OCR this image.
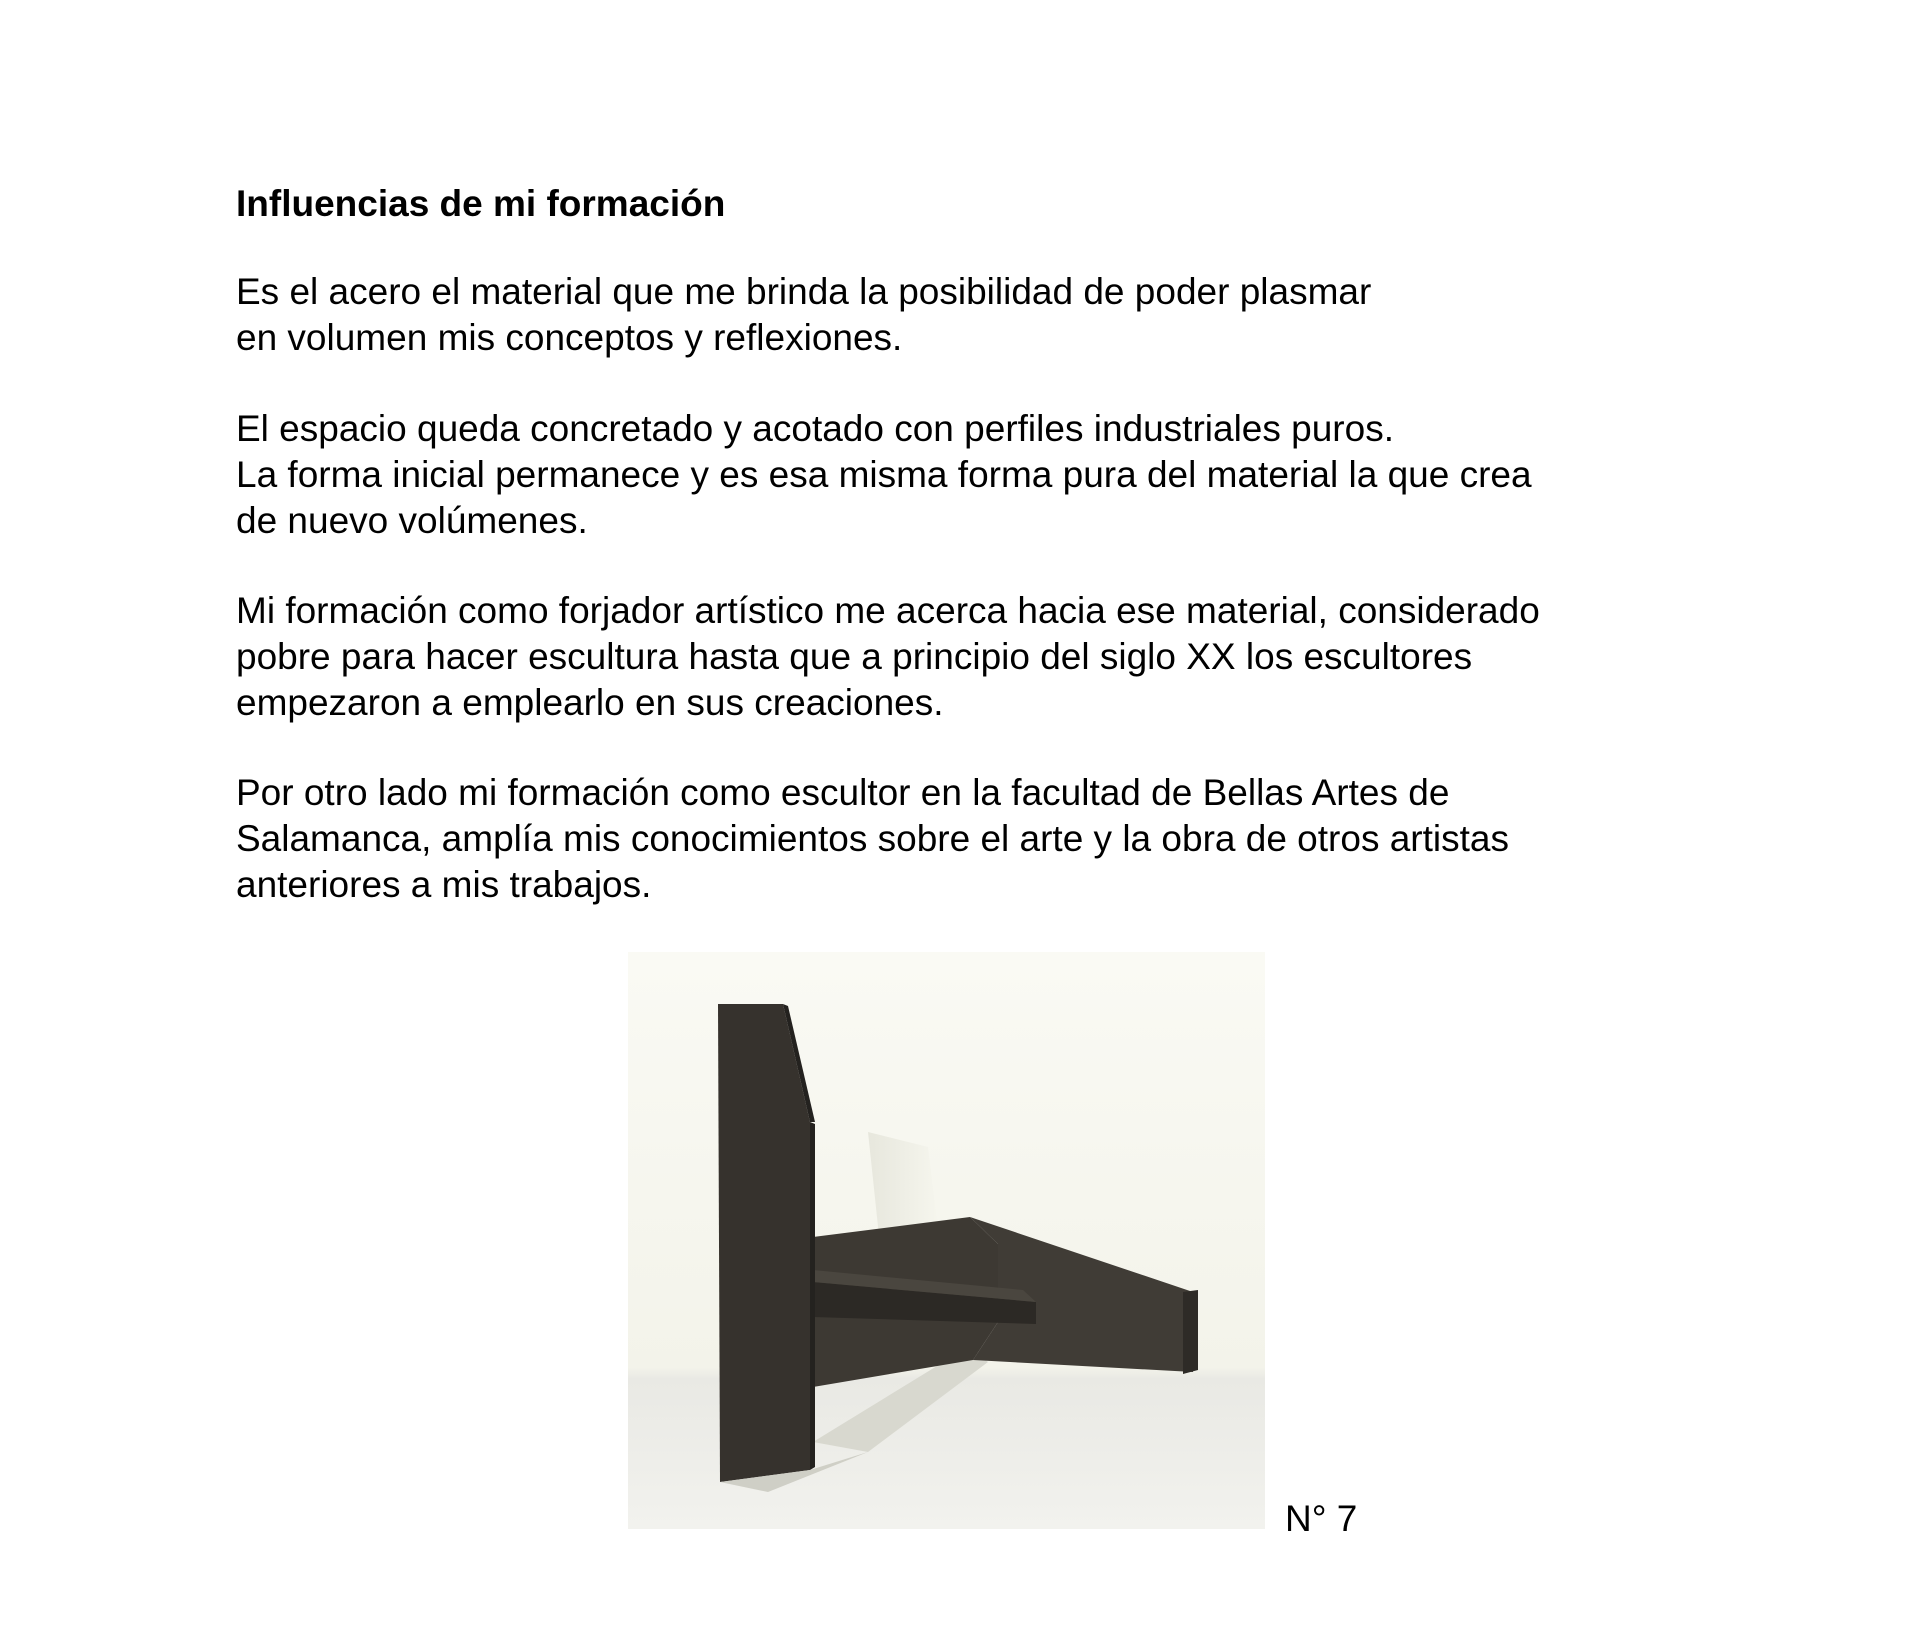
Influencias de mi formación

Es el acero el material que me brinda la posibilidad de poder plasmar
en volumen mis conceptos y reflexiones.

El espacio queda concretado y acotado con perfiles industriales puros.
La forma inicial permanece y es esa misma forma pura del material la que crea
de nuevo volúmenes.

Mi formación como forjador artístico me acerca hacia ese material, considerado
pobre para hacer escultura hasta que a principio del siglo XX los escultores
empezaron a emplearlo en sus creaciones.

Por otro lado mi formación como escultor en la facultad de Bellas Artes de
Salamanca, amplía mis conocimientos sobre el arte y la obra de otros artistas
anteriores a mis trabajos.

N° 7
